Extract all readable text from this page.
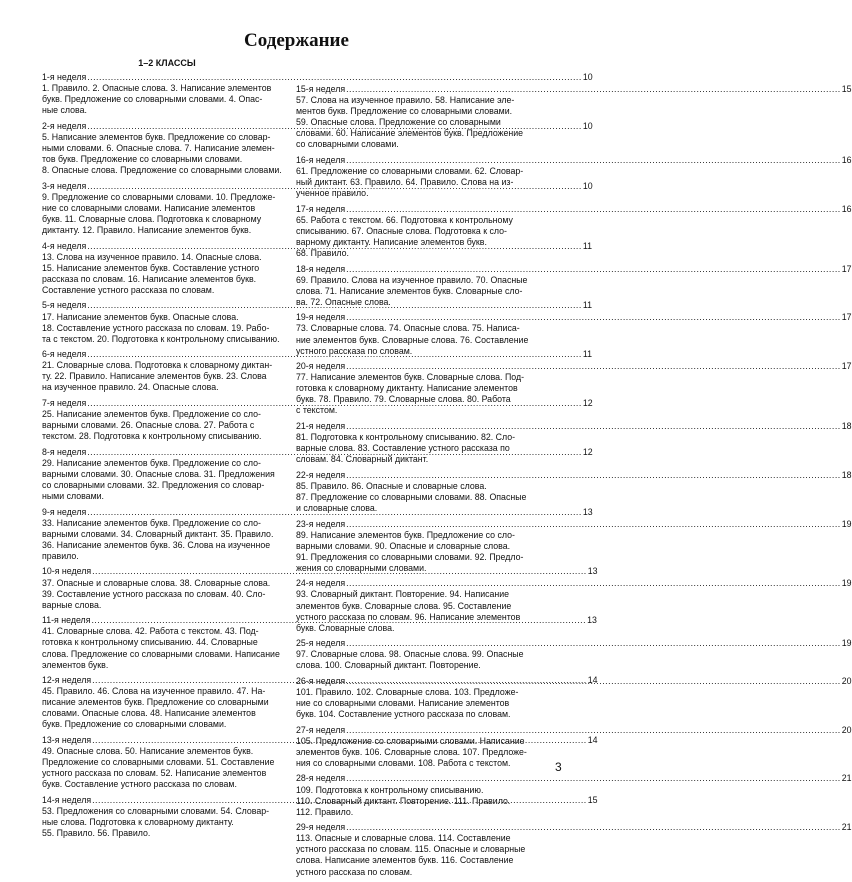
Содержание
1–2 КЛАССЫ
1-я неделя .....	10
1. Правило. 2. Опасные слова. 3. Написание элементов
букв. Предложение со словарными словами. 4. Опас-
ные слова.
2-я неделя .....	10
5. Написание элементов букв. Предложение со словар-
ными словами. 6. Опасные слова. 7. Написание элемен-
тов букв. Предложение со словарными словами.
8. Опасные слова. Предложение со словарными словами.
3-я неделя .....	10
9. Предложение со словарными словами. 10. Предложе-
ние со словарными словами. Написание элементов
букв. 11. Словарные слова. Подготовка к словарному
диктанту. 12. Правило. Написание элементов букв.
4-я неделя .....	11
13. Слова на изученное правило. 14. Опасные слова.
15. Написание элементов букв. Составление устного
рассказа по словам. 16. Написание элементов букв.
Составление устного рассказа по словам.
5-я неделя .....	11
17. Написание элементов букв. Опасные слова.
18. Составление устного рассказа по словам. 19. Рабо-
та с текстом. 20. Подготовка к контрольному списыванию.
6-я неделя .....	11
21. Словарные слова. Подготовка к словарному диктан-
ту. 22. Правило. Написание элементов букв. 23. Слова
на изученное правило. 24. Опасные слова.
7-я неделя .....	12
25. Написание элементов букв. Предложение со сло-
варными словами. 26. Опасные слова. 27. Работа с
текстом. 28. Подготовка к контрольному списыванию.
8-я неделя .....	12
29. Написание элементов букв. Предложение со сло-
варными словами. 30. Опасные слова. 31. Предложения
со словарными словами. 32. Предложения со словар-
ными словами.
9-я неделя .....	13
33. Написание элементов букв. Предложение со сло-
варными словами. 34. Словарный диктант. 35. Правило.
36. Написание элементов букв. 36. Слова на изученное
правило.
10-я неделя .....	13
37. Опасные и словарные слова. 38. Словарные слова.
39. Составление устного рассказа по словам. 40. Сло-
варные слова.
11-я неделя .....	13
41. Словарные слова. 42. Работа с текстом. 43. Под-
готовка к контрольному списыванию. 44. Словарные
слова. Предложение со словарными словами. Написание
элементов букв.
12-я неделя .....	14
45. Правило. 46. Слова на изученное правило. 47. На-
писание элементов букв. Предложение со словарными
словами. Опасные слова. 48. Написание элементов
букв. Предложение со словарными словами.
13-я неделя .....	14
49. Опасные слова. 50. Написание элементов букв.
Предложение со словарными словами. 51. Составление
устного рассказа по словам. 52. Написание элементов
букв. Составление устного рассказа по словам.
14-я неделя .....	15
53. Предложения со словарными словами. 54. Словар-
ные слова. Подготовка к словарному диктанту.
55. Правило. 56. Правило.
15-я неделя .....	15
57. Слова на изученное правило. 58. Написание эле-
ментов букв. Предложение со словарными словами.
59. Опасные слова. Предложение со словарными
словами. 60. Написание элементов букв. Предложение
со словарными словами.
16-я неделя .....	16
61. Предложение со словарными словами. 62. Словар-
ный диктант. 63. Правило. 64. Правило. Слова на из-
ученное правило.
17-я неделя .....	16
65. Работа с текстом. 66. Подготовка к контрольному
списыванию. 67. Опасные слова. Подготовка к сло-
варному диктанту. Написание элементов букв.
68. Правило.
18-я неделя .....	17
69. Правило. Слова на изученное правило. 70. Опасные
слова. 71. Написание элементов букв. Словарные сло-
ва. 72. Опасные слова.
19-я неделя .....	17
73. Словарные слова. 74. Опасные слова. 75. Написа-
ние элементов букв. Словарные слова. 76. Составление
устного рассказа по словам.
20-я неделя .....	17
77. Написание элементов букв. Словарные слова. Под-
готовка к словарному диктанту. Написание элементов
букв. 78. Правило. 79. Словарные слова. 80. Работа
с текстом.
21-я неделя .....	18
81. Подготовка к контрольному списыванию. 82. Сло-
варные слова. 83. Составление устного рассказа по
словам. 84. Словарный диктант.
22-я неделя .....	18
85. Правило. 86. Опасные и словарные слова.
87. Предложение со словарными словами. 88. Опасные
и словарные слова.
23-я неделя .....	19
89. Написание элементов букв. Предложение со сло-
варными словами. 90. Опасные и словарные слова.
91. Предложения со словарными словами. 92. Предло-
жения со словарными словами.
24-я неделя .....	19
93. Словарный диктант. Повторение. 94. Написание
элементов букв. Словарные слова. 95. Составление
устного рассказа по словам. 96. Написание элементов
букв. Словарные слова.
25-я неделя .....	19
97. Словарные слова. 98. Опасные слова. 99. Опасные
слова. 100. Словарный диктант. Повторение.
26-я неделя .....	20
101. Правило. 102. Словарные слова. 103. Предложе-
ние со словарными словами. Написание элементов
букв. 104. Составление устного рассказа по словам.
27-я неделя .....	20
105. Предложение со словарными словами. Написание
элементов букв. 106. Словарные слова. 107. Предложе-
ния со словарными словами. 108. Работа с текстом.
28-я неделя .....	21
109. Подготовка к контрольному списыванию.
110. Словарный диктант. Повторение. 111. Правило.
112. Правило.
29-я неделя .....	21
113. Опасные и словарные слова. 114. Составление
устного рассказа по словам. 115. Опасные и словарные
слова. Написание элементов букв. 116. Составление
устного рассказа по словам.
3
